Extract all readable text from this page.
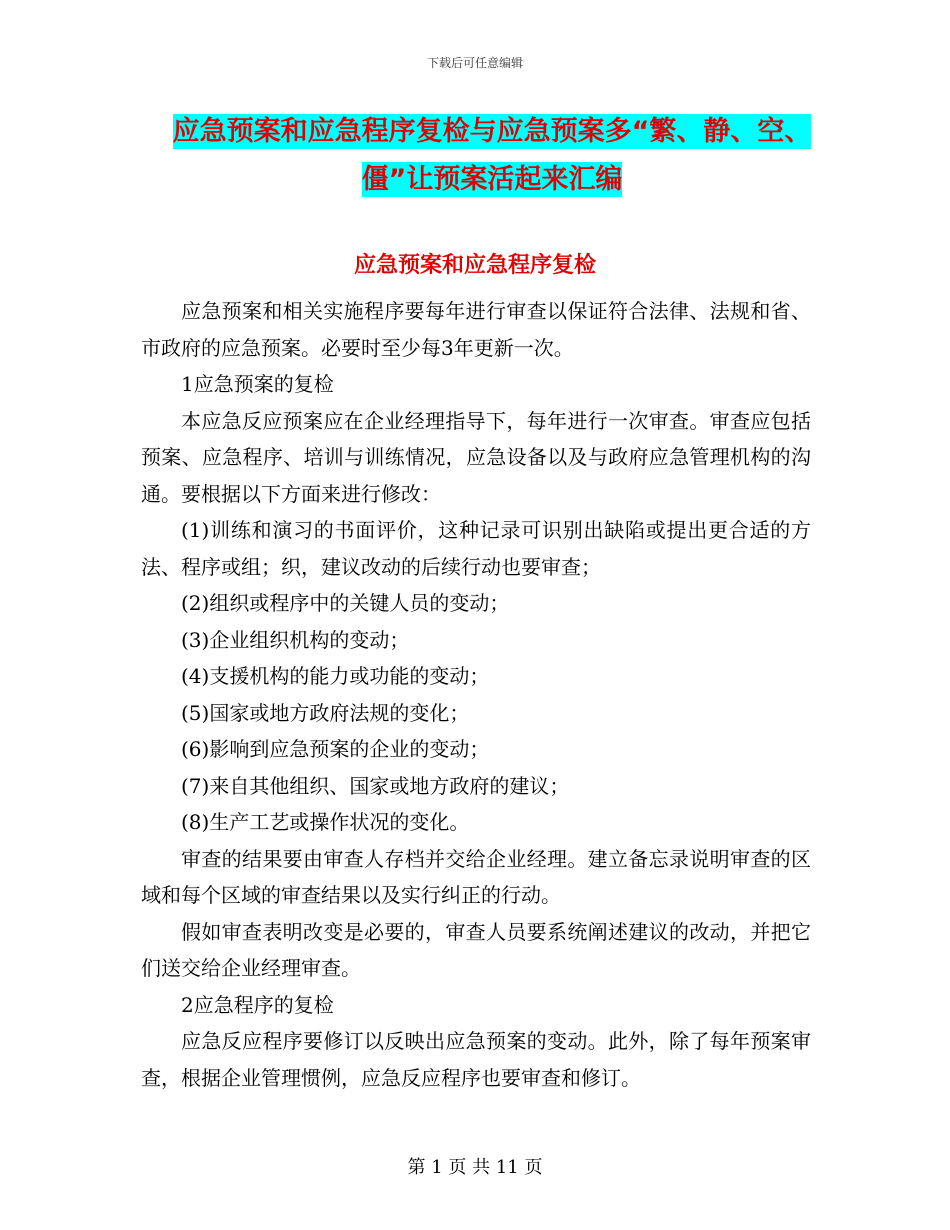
下载后可任意编辑
应急预案和应急程序复检与应急预案多“繁、静、空、
僵”让预案活起来汇编
应急预案和应急程序复检

应急预案和相关实施程序要每年进行审查以保证符合法律、法规和省、市政府的应急预案。必要时至少每3年更新一次。

1应急预案的复检

本应急反应预案应在企业经理指导下，每年进行一次审查。审查应包括预案、应急程序、培训与训练情况，应急设备以及与政府应急管理机构的沟通。要根据以下方面来进行修改：

(1)训练和演习的书面评价，这种记录可识别出缺陷或提出更合适的方法、程序或组；织，建议改动的后续行动也要审查；

(2)组织或程序中的关键人员的变动；

(3)企业组织机构的变动；

(4)支援机构的能力或功能的变动；

(5)国家或地方政府法规的变化；

(6)影响到应急预案的企业的变动；

(7)来自其他组织、国家或地方政府的建议；

(8)生产工艺或操作状况的变化。

审查的结果要由审查人存档并交给企业经理。建立备忘录说明审查的区域和每个区域的审查结果以及实行纠正的行动。

假如审查表明改变是必要的，审查人员要系统阐述建议的改动，并把它们送交给企业经理审查。

2应急程序的复检

应急反应程序要修订以反映出应急预案的变动。此外，除了每年预案审查，根据企业管理惯例，应急反应程序也要审查和修订。

第 1 页 共 11 页
